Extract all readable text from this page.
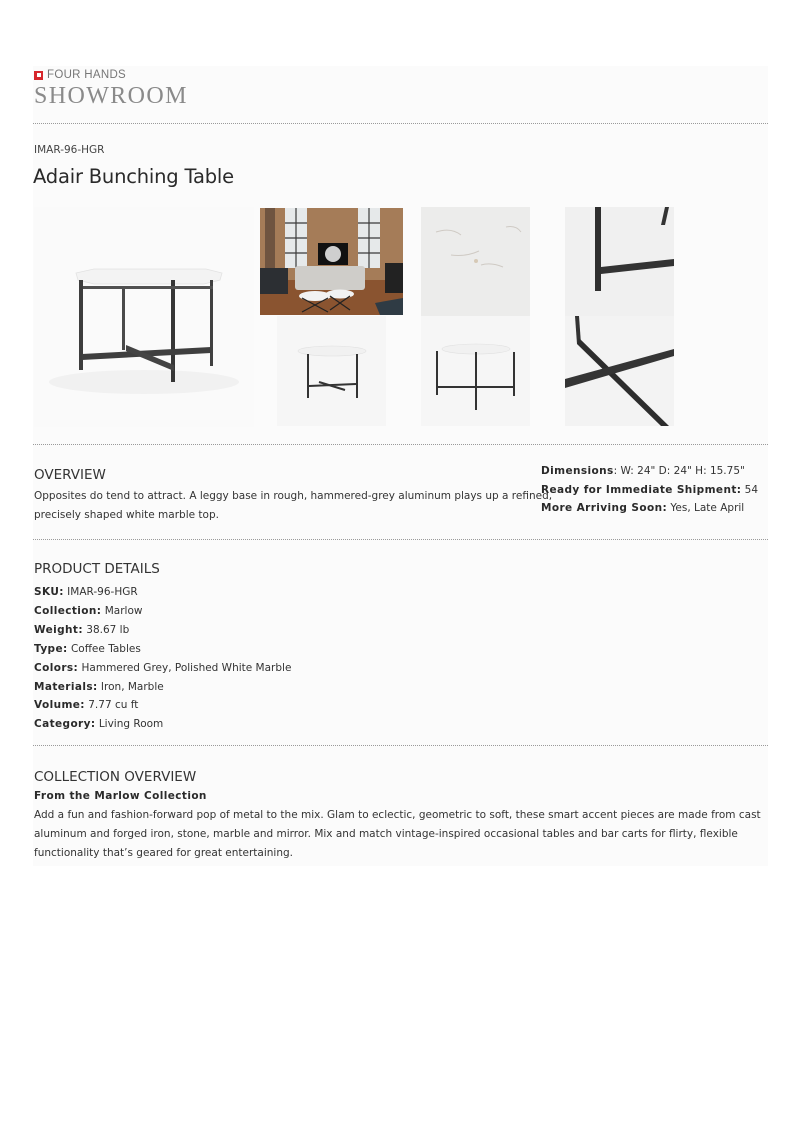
FOUR HANDS
SHOWROOM
IMAR-96-HGR
Adair Bunching Table
OVERVIEW

Opposites do tend to attract. A leggy base in rough, hammered-grey aluminum plays up a refined,
precisely shaped white marble top.

Dimensions: W: 24" D: 24" H: 15.75"
Ready for Immediate Shipment: 54
More Arriving Soon: Yes, Late April
PRODUCT DETAILS
SKU: IMAR-96-HGR
Collection: Marlow
Weight: 38.67 lb
Type: Coffee Tables
Colors: Hammered Grey, Polished White Marble
Materials: Iron, Marble
Volume: 7.77 cu ft
Category: Living Room
COLLECTION OVERVIEW
From the Marlow Collection

Add a fun and fashion-forward pop of metal to the mix. Glam to eclectic, geometric to soft, these smart accent pieces are made from cast aluminum and forged iron, stone, marble and mirror. Mix and match vintage-inspired occasional tables and bar carts for flirty, flexible functionality that’s geared for great entertaining.
